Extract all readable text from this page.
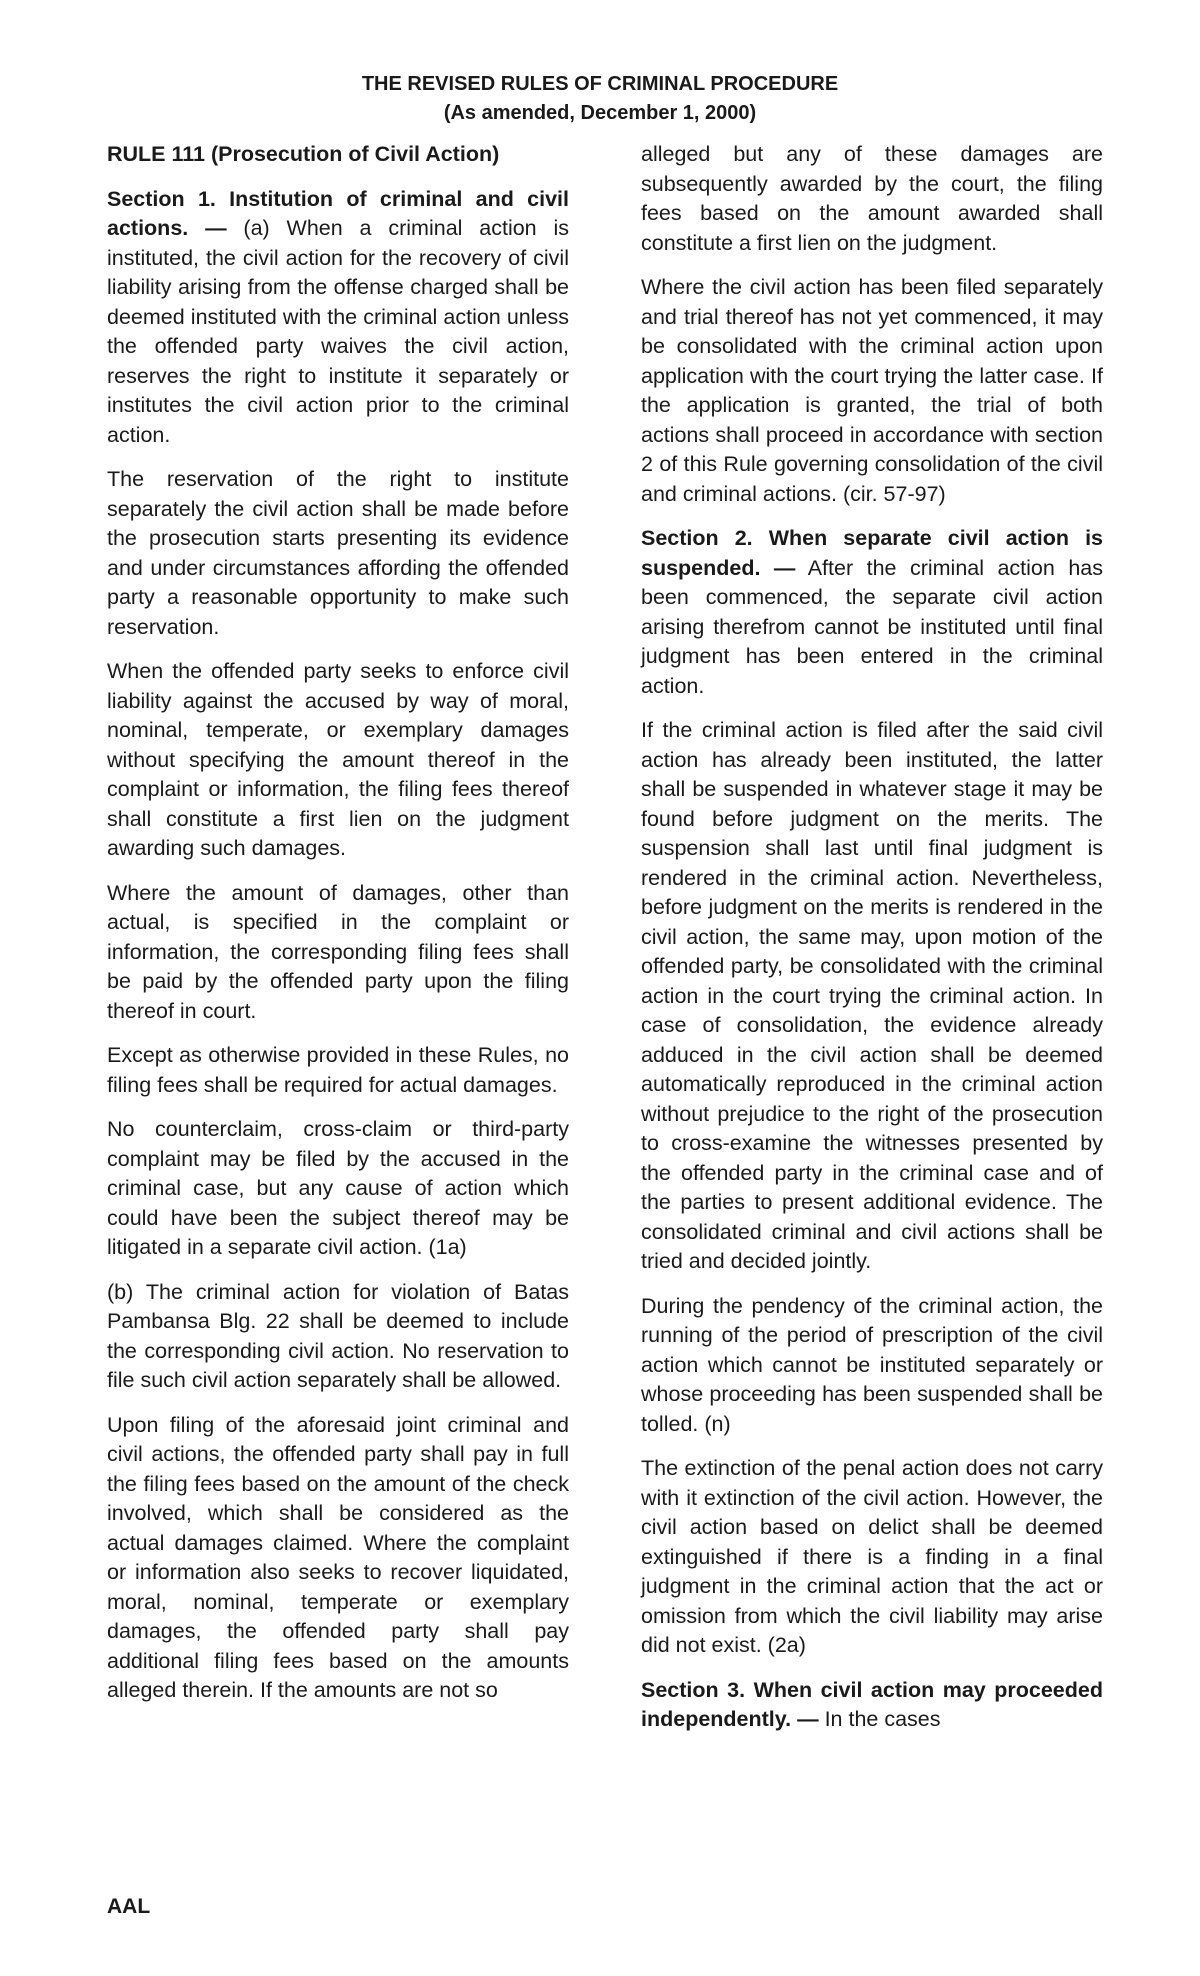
THE REVISED RULES OF CRIMINAL PROCEDURE
(As amended, December 1, 2000)
RULE 111 (Prosecution of Civil Action)

Section 1. Institution of criminal and civil actions. — (a) When a criminal action is instituted, the civil action for the recovery of civil liability arising from the offense charged shall be deemed instituted with the criminal action unless the offended party waives the civil action, reserves the right to institute it separately or institutes the civil action prior to the criminal action.

The reservation of the right to institute separately the civil action shall be made before the prosecution starts presenting its evidence and under circumstances affording the offended party a reasonable opportunity to make such reservation.

When the offended party seeks to enforce civil liability against the accused by way of moral, nominal, temperate, or exemplary damages without specifying the amount thereof in the complaint or information, the filing fees thereof shall constitute a first lien on the judgment awarding such damages.

Where the amount of damages, other than actual, is specified in the complaint or information, the corresponding filing fees shall be paid by the offended party upon the filing thereof in court.

Except as otherwise provided in these Rules, no filing fees shall be required for actual damages.

No counterclaim, cross-claim or third-party complaint may be filed by the accused in the criminal case, but any cause of action which could have been the subject thereof may be litigated in a separate civil action. (1a)

(b) The criminal action for violation of Batas Pambansa Blg. 22 shall be deemed to include the corresponding civil action. No reservation to file such civil action separately shall be allowed.

Upon filing of the aforesaid joint criminal and civil actions, the offended party shall pay in full the filing fees based on the amount of the check involved, which shall be considered as the actual damages claimed. Where the complaint or information also seeks to recover liquidated, moral, nominal, temperate or exemplary damages, the offended party shall pay additional filing fees based on the amounts alleged therein. If the amounts are not so

alleged but any of these damages are subsequently awarded by the court, the filing fees based on the amount awarded shall constitute a first lien on the judgment.

Where the civil action has been filed separately and trial thereof has not yet commenced, it may be consolidated with the criminal action upon application with the court trying the latter case. If the application is granted, the trial of both actions shall proceed in accordance with section 2 of this Rule governing consolidation of the civil and criminal actions. (cir. 57-97)

Section 2. When separate civil action is suspended. — After the criminal action has been commenced, the separate civil action arising therefrom cannot be instituted until final judgment has been entered in the criminal action.

If the criminal action is filed after the said civil action has already been instituted, the latter shall be suspended in whatever stage it may be found before judgment on the merits. The suspension shall last until final judgment is rendered in the criminal action. Nevertheless, before judgment on the merits is rendered in the civil action, the same may, upon motion of the offended party, be consolidated with the criminal action in the court trying the criminal action. In case of consolidation, the evidence already adduced in the civil action shall be deemed automatically reproduced in the criminal action without prejudice to the right of the prosecution to cross-examine the witnesses presented by the offended party in the criminal case and of the parties to present additional evidence. The consolidated criminal and civil actions shall be tried and decided jointly.

During the pendency of the criminal action, the running of the period of prescription of the civil action which cannot be instituted separately or whose proceeding has been suspended shall be tolled. (n)

The extinction of the penal action does not carry with it extinction of the civil action. However, the civil action based on delict shall be deemed extinguished if there is a finding in a final judgment in the criminal action that the act or omission from which the civil liability may arise did not exist. (2a)

Section 3. When civil action may proceeded independently. — In the cases

AAL
